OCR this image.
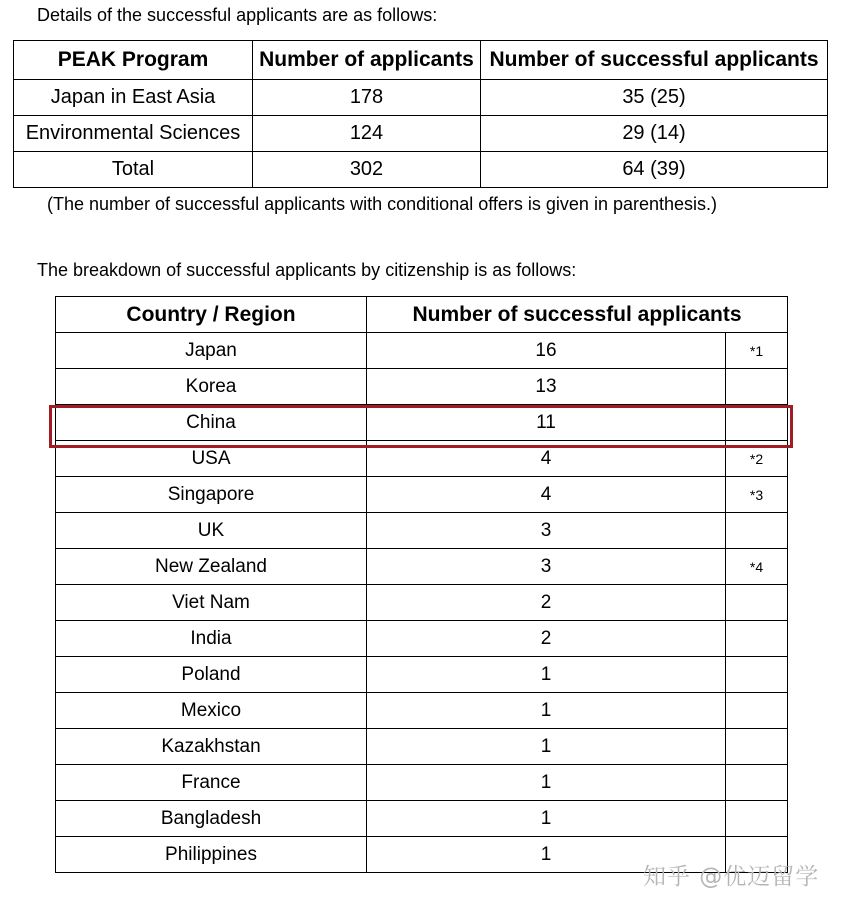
Details of the successful applicants are as follows:
PEAK Program	Number of applicants	Number of successful applicants
Japan in East Asia	178	35 (25)
Environmental Sciences	124	29 (14)
Total	302	64 (39)
(The number of successful applicants with conditional offers is given in parenthesis.)
The breakdown of successful applicants by citizenship is as follows:
Country / Region	Number of successful applicants	
Japan	16	*1
Korea	13	
China	11	
USA	4	*2
Singapore	4	*3
UK	3	
New Zealand	3	*4
Viet Nam	2	
India	2	
Poland	1	
Mexico	1	
Kazakhstan	1	
France	1	
Bangladesh	1	
Philippines	1	
知乎 @优迈留学
